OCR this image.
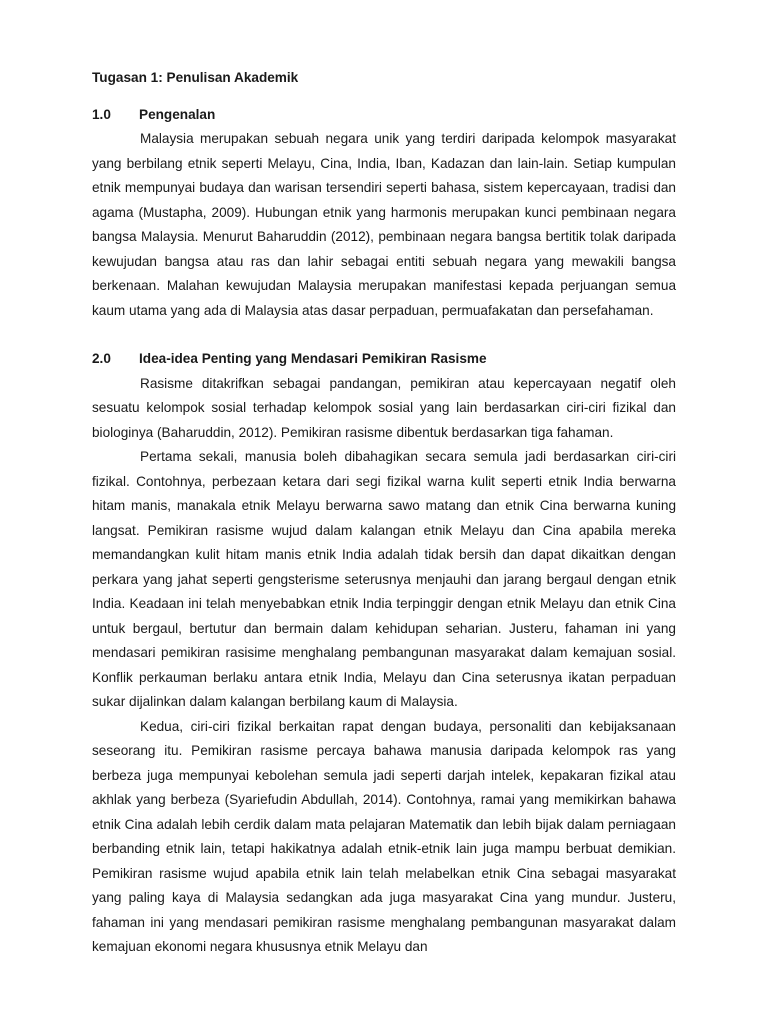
Tugasan 1: Penulisan Akademik

1.0	Pengenalan

Malaysia merupakan sebuah negara unik yang terdiri daripada kelompok masyarakat yang berbilang etnik seperti Melayu, Cina, India, Iban, Kadazan dan lain-lain. Setiap kumpulan etnik mempunyai budaya dan warisan tersendiri seperti bahasa, sistem kepercayaan, tradisi dan agama (Mustapha, 2009). Hubungan etnik yang harmonis merupakan kunci pembinaan negara bangsa Malaysia. Menurut Baharuddin (2012), pembinaan negara bangsa bertitik tolak daripada kewujudan bangsa atau ras dan lahir sebagai entiti sebuah negara yang mewakili bangsa berkenaan. Malahan kewujudan Malaysia merupakan manifestasi kepada perjuangan semua kaum utama yang ada di Malaysia atas dasar perpaduan, permuafakatan dan persefahaman.

2.0	Idea-idea Penting yang Mendasari Pemikiran Rasisme

Rasisme ditakrifkan sebagai pandangan, pemikiran atau kepercayaan negatif oleh sesuatu kelompok sosial terhadap kelompok sosial yang lain berdasarkan ciri-ciri fizikal dan biologinya (Baharuddin, 2012). Pemikiran rasisme dibentuk berdasarkan tiga fahaman.

Pertama sekali, manusia boleh dibahagikan secara semula jadi berdasarkan ciri-ciri fizikal. Contohnya, perbezaan ketara dari segi fizikal warna kulit seperti etnik India berwarna hitam manis, manakala etnik Melayu berwarna sawo matang dan etnik Cina berwarna kuning langsat. Pemikiran rasisme wujud dalam kalangan etnik Melayu dan Cina apabila mereka memandangkan kulit hitam manis etnik India adalah tidak bersih dan dapat dikaitkan dengan perkara yang jahat seperti gengsterisme seterusnya menjauhi dan jarang bergaul dengan etnik India. Keadaan ini telah menyebabkan etnik India terpinggir dengan etnik Melayu dan etnik Cina untuk bergaul, bertutur dan bermain dalam kehidupan seharian. Justeru, fahaman ini yang mendasari pemikiran rasisime menghalang pembangunan masyarakat dalam kemajuan sosial. Konflik perkauman berlaku antara etnik India, Melayu dan Cina seterusnya ikatan perpaduan sukar dijalinkan dalam kalangan berbilang kaum di Malaysia.

Kedua, ciri-ciri fizikal berkaitan rapat dengan budaya, personaliti dan kebijaksanaan seseorang itu. Pemikiran rasisme percaya bahawa manusia daripada kelompok ras yang berbeza juga mempunyai kebolehan semula jadi seperti darjah intelek, kepakaran fizikal atau akhlak yang berbeza (Syariefudin Abdullah, 2014). Contohnya, ramai yang memikirkan bahawa etnik Cina adalah lebih cerdik dalam mata pelajaran Matematik dan lebih bijak dalam perniagaan berbanding etnik lain, tetapi hakikatnya adalah etnik-etnik lain juga mampu berbuat demikian. Pemikiran rasisme wujud apabila etnik lain telah melabelkan etnik Cina sebagai masyarakat yang paling kaya di Malaysia sedangkan ada juga masyarakat Cina yang mundur. Justeru, fahaman ini yang mendasari pemikiran rasisme menghalang pembangunan masyarakat dalam kemajuan ekonomi negara khususnya etnik Melayu dan
